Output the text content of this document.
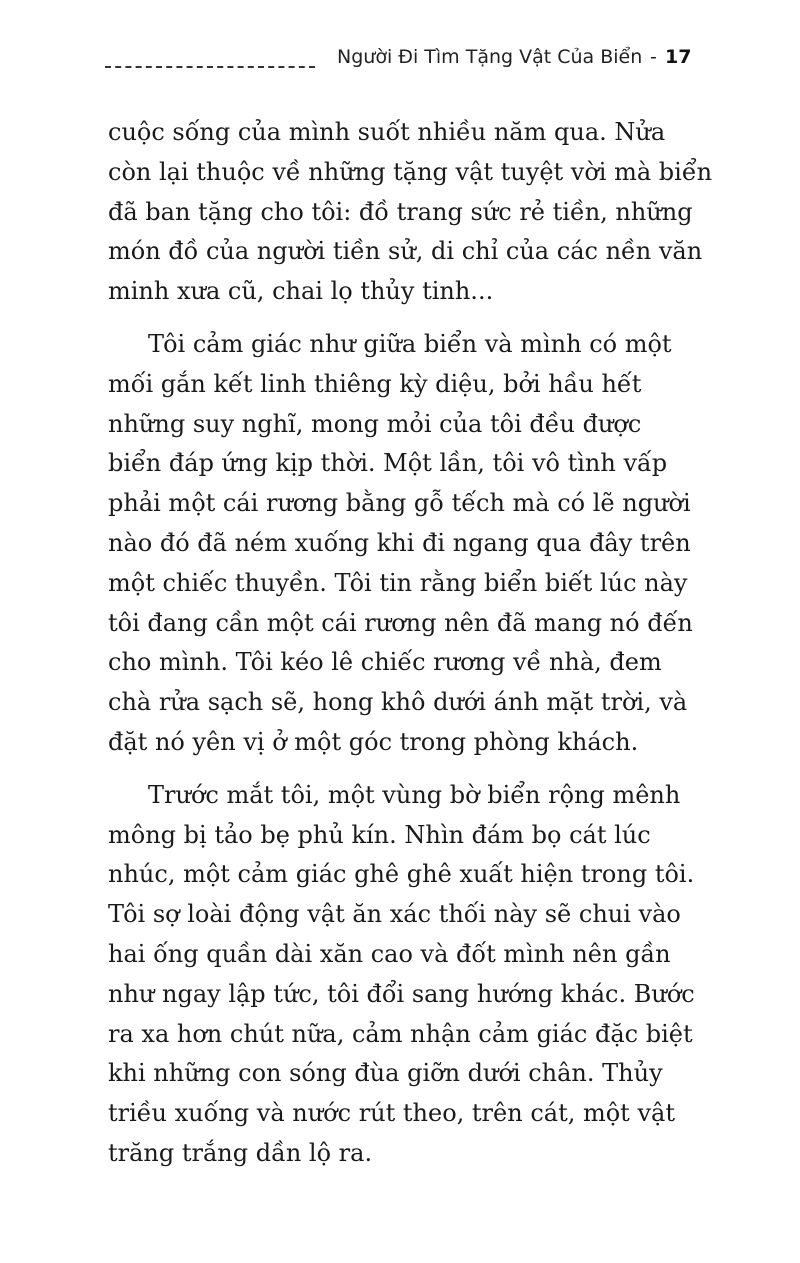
Người Đi Tìm Tặng Vật Của Biển - 17

cuộc sống của mình suốt nhiều năm qua. Nửa
còn lại thuộc về những tặng vật tuyệt vời mà biển
đã ban tặng cho tôi: đồ trang sức rẻ tiền, những
món đồ của người tiền sử, di chỉ của các nền văn
minh xưa cũ, chai lọ thủy tinh...

Tôi cảm giác như giữa biển và mình có một
mối gắn kết linh thiêng kỳ diệu, bởi hầu hết
những suy nghĩ, mong mỏi của tôi đều được
biển đáp ứng kịp thời. Một lần, tôi vô tình vấp
phải một cái rương bằng gỗ tếch mà có lẽ người
nào đó đã ném xuống khi đi ngang qua đây trên
một chiếc thuyền. Tôi tin rằng biển biết lúc này
tôi đang cần một cái rương nên đã mang nó đến
cho mình. Tôi kéo lê chiếc rương về nhà, đem
chà rửa sạch sẽ, hong khô dưới ánh mặt trời, và
đặt nó yên vị ở một góc trong phòng khách.

Trước mắt tôi, một vùng bờ biển rộng mênh
mông bị tảo bẹ phủ kín. Nhìn đám bọ cát lúc
nhúc, một cảm giác ghê ghê xuất hiện trong tôi.
Tôi sợ loài động vật ăn xác thối này sẽ chui vào
hai ống quần dài xăn cao và đốt mình nên gần
như ngay lập tức, tôi đổi sang hướng khác. Bước
ra xa hơn chút nữa, cảm nhận cảm giác đặc biệt
khi những con sóng đùa giỡn dưới chân. Thủy
triều xuống và nước rút theo, trên cát, một vật
trăng trắng dần lộ ra.
